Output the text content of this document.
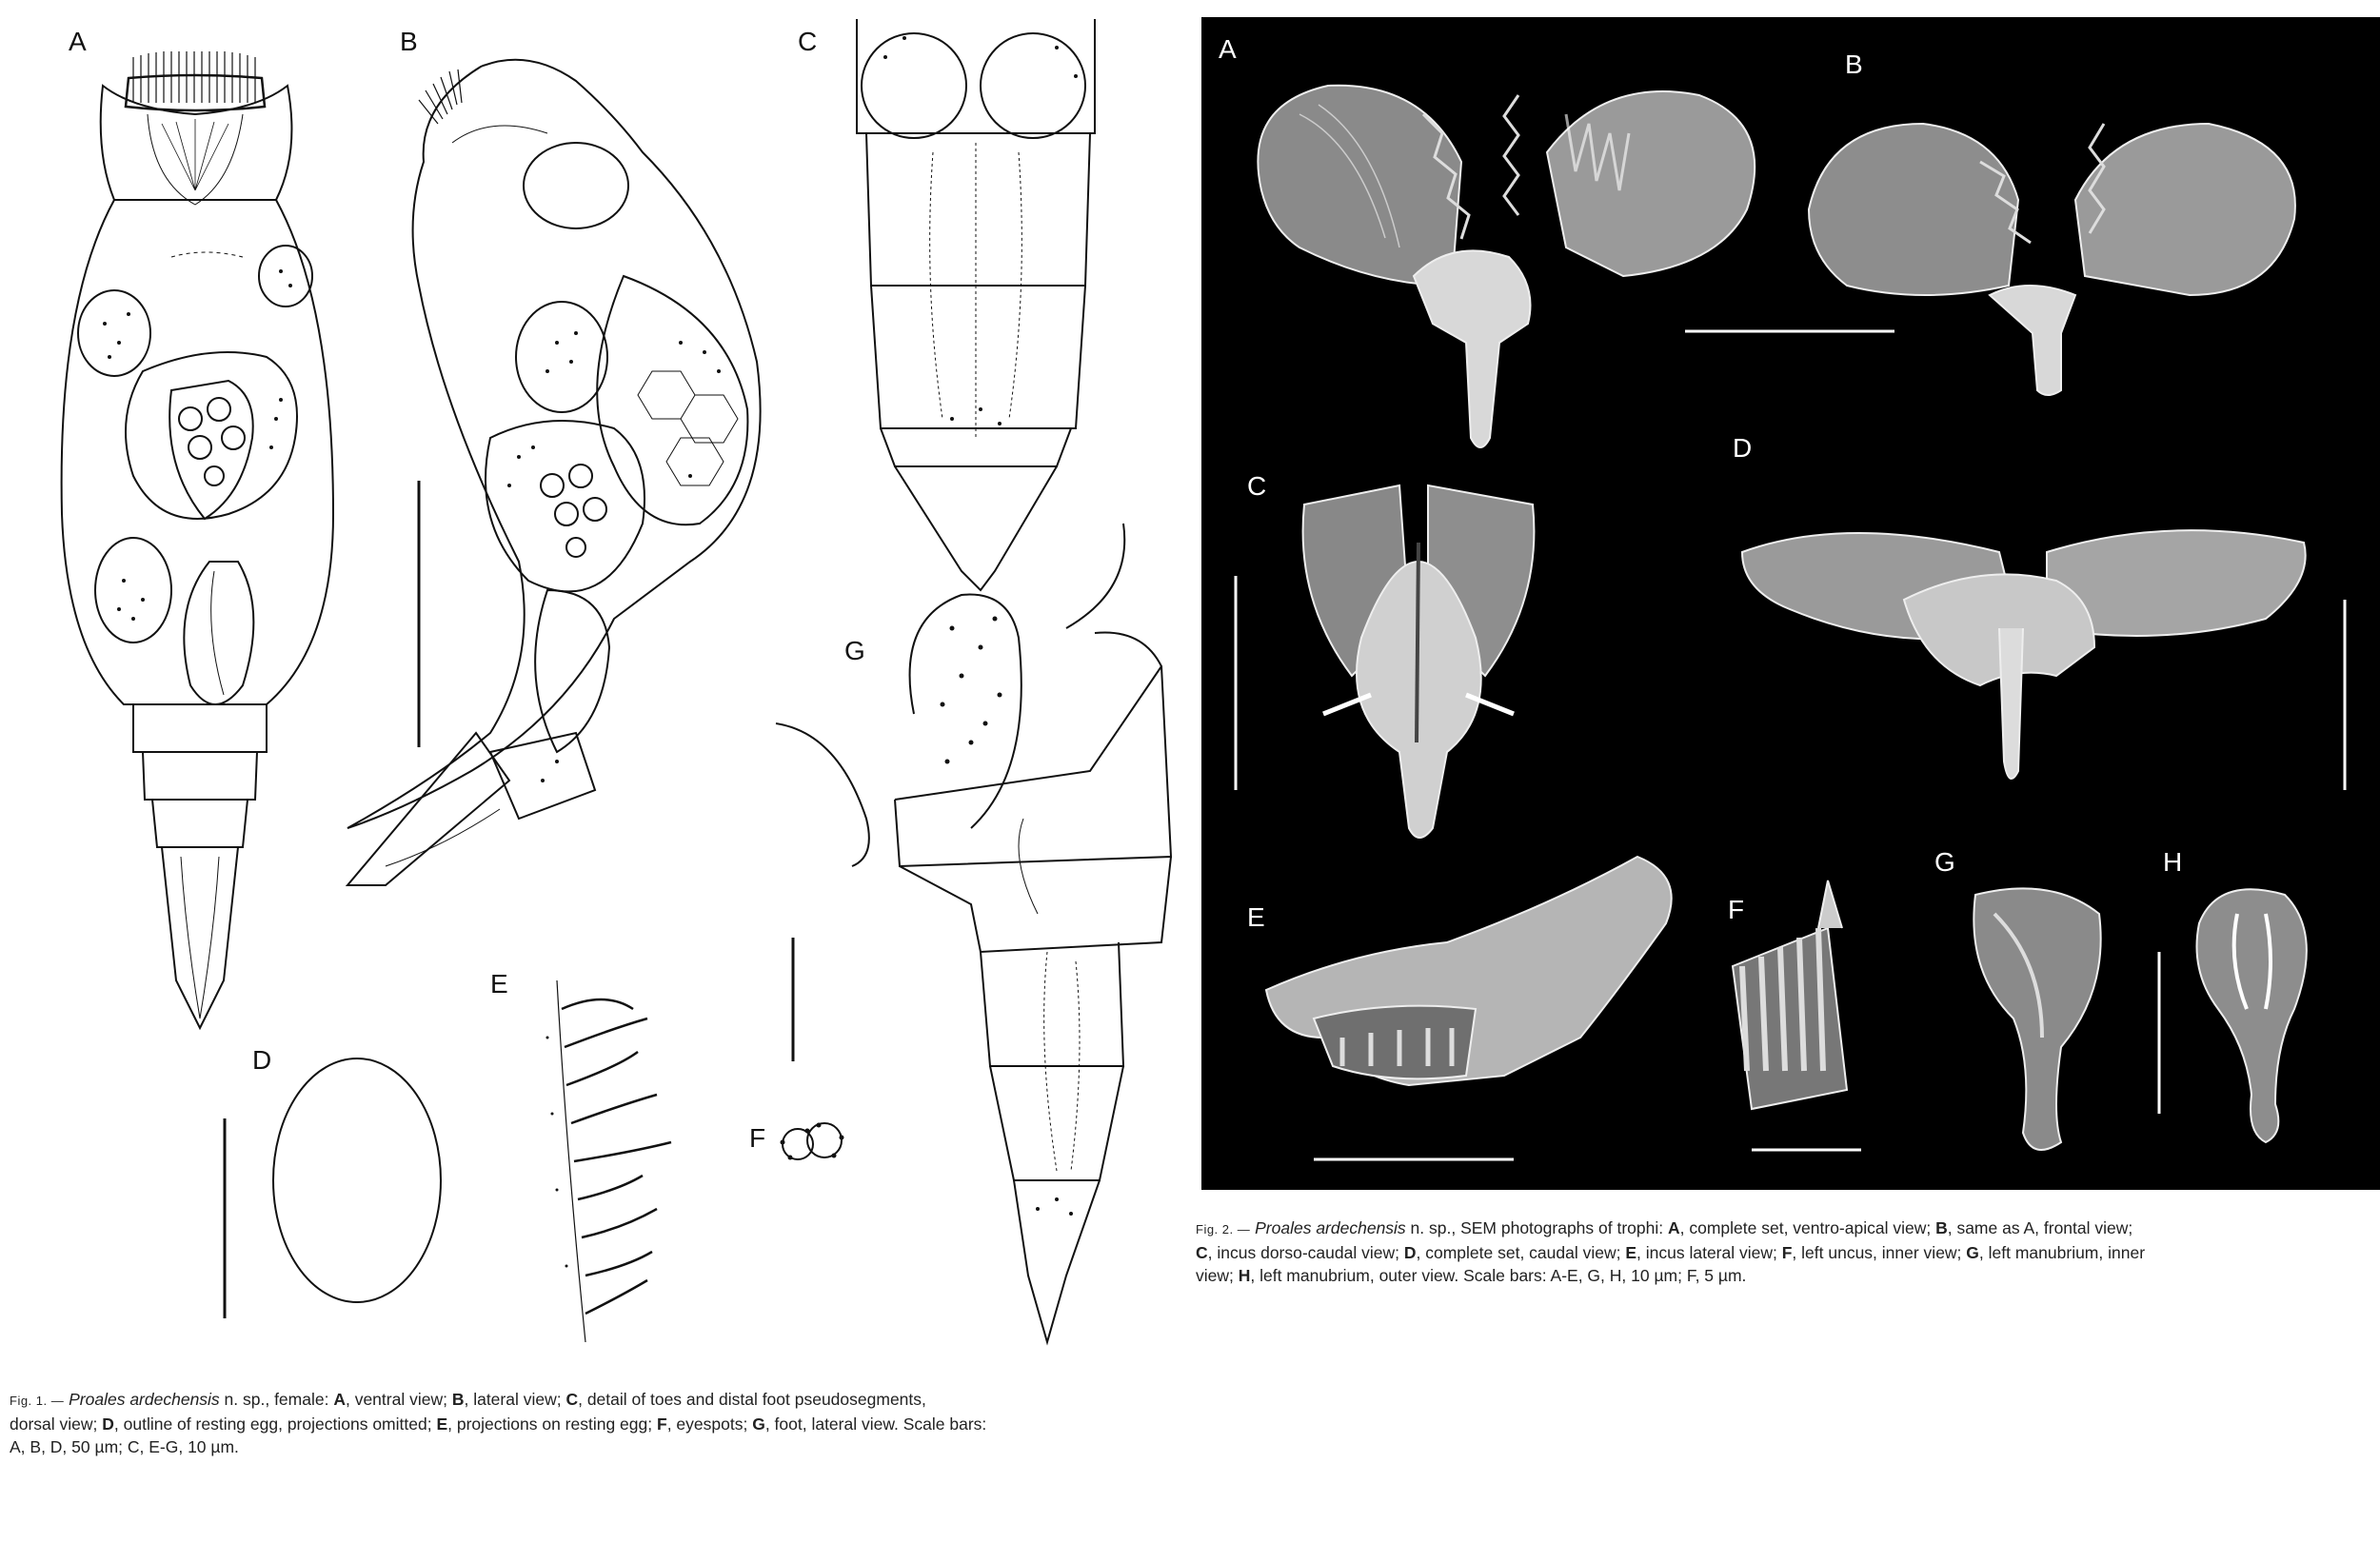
A	B	C
D
E
F
G
Fig. 1. — Proales ardechensis n. sp., female: A, ventral view; B, lateral view; C, detail of toes and distal foot pseudosegments,
dorsal view; D, outline of resting egg, projections omitted; E, projections on resting egg; F, eyespots; G, foot, lateral view. Scale bars:
A, B, D, 50 µm; C, E-G, 10 µm.
A
B
C
D
E	F
G	H
Fig. 2. — Proales ardechensis n. sp., SEM photographs of trophi: A, complete set, ventro-apical view; B, same as A, frontal view;
C, incus dorso-caudal view; D, complete set, caudal view; E, incus lateral view; F, left uncus, inner view; G, left manubrium, inner
view; H, left manubrium, outer view. Scale bars: A-E, G, H, 10 µm; F, 5 µm.
